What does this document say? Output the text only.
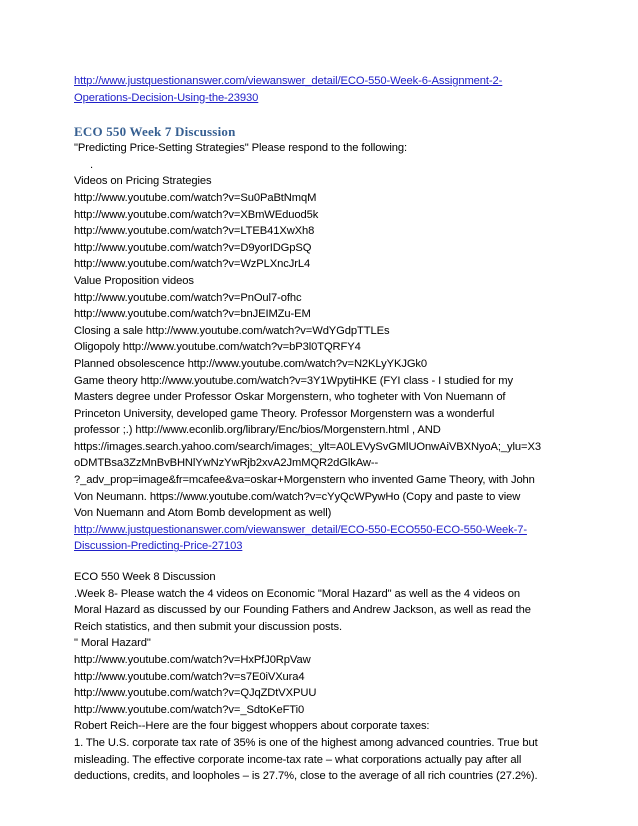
http://www.justquestionanswer.com/viewanswer_detail/ECO-550-Week-6-Assignment-2-
Operations-Decision-Using-the-23930
ECO 550 Week 7 Discussion
"Predicting Price-Setting Strategies" Please respond to the following:
.
Videos on Pricing Strategies
http://www.youtube.com/watch?v=Su0PaBtNmqM
http://www.youtube.com/watch?v=XBmWEduod5k
http://www.youtube.com/watch?v=LTEB41XwXh8
http://www.youtube.com/watch?v=D9yorIDGpSQ
http://www.youtube.com/watch?v=WzPLXncJrL4
Value Proposition videos
http://www.youtube.com/watch?v=PnOul7-ofhc
http://www.youtube.com/watch?v=bnJEIMZu-EM
Closing a sale http://www.youtube.com/watch?v=WdYGdpTTLEs
Oligopoly http://www.youtube.com/watch?v=bP3l0TQRFY4
Planned obsolescence http://www.youtube.com/watch?v=N2KLyYKJGk0
Game theory http://www.youtube.com/watch?v=3Y1WpytiHKE (FYI class - I studied for my
Masters degree under Professor Oskar Morgenstern, who togheter with Von Nuemann of
Princeton University, developed game Theory. Professor Morgenstern was a wonderful
professor ;.) http://www.econlib.org/library/Enc/bios/Morgenstern.html , AND
https://images.search.yahoo.com/search/images;_ylt=A0LEVySvGMlUOnwAiVBXNyoA;_ylu=X3
oDMTBsa3ZzMnBvBHNlYwNzYwRjb2xvA2JmMQR2dGlkAw--
?_adv_prop=image&fr=mcafee&va=oskar+Morgenstern who invented Game Theory, with John
Von Neumann. https://www.youtube.com/watch?v=cYyQcWPywHo (Copy and paste to view
Von Nuemann and Atom Bomb development as well)
http://www.justquestionanswer.com/viewanswer_detail/ECO-550-ECO550-ECO-550-Week-7-
Discussion-Predicting-Price-27103
ECO 550 Week 8 Discussion
.Week 8- Please watch the 4 videos on Economic "Moral Hazard" as well as the 4 videos on
Moral Hazard as discussed by our Founding Fathers and Andrew Jackson, as well as read the
Reich statistics, and then submit your discussion posts.
" Moral Hazard"
http://www.youtube.com/watch?v=HxPfJ0RpVaw
http://www.youtube.com/watch?v=s7E0iVXura4
http://www.youtube.com/watch?v=QJqZDtVXPUU
http://www.youtube.com/watch?v=_SdtoKeFTi0
Robert Reich--Here are the four biggest whoppers about corporate taxes:
1. The U.S. corporate tax rate of 35% is one of the highest among advanced countries. True but
misleading. The effective corporate income-tax rate – what corporations actually pay after all
deductions, credits, and loopholes – is 27.7%, close to the average of all rich countries (27.2%).
